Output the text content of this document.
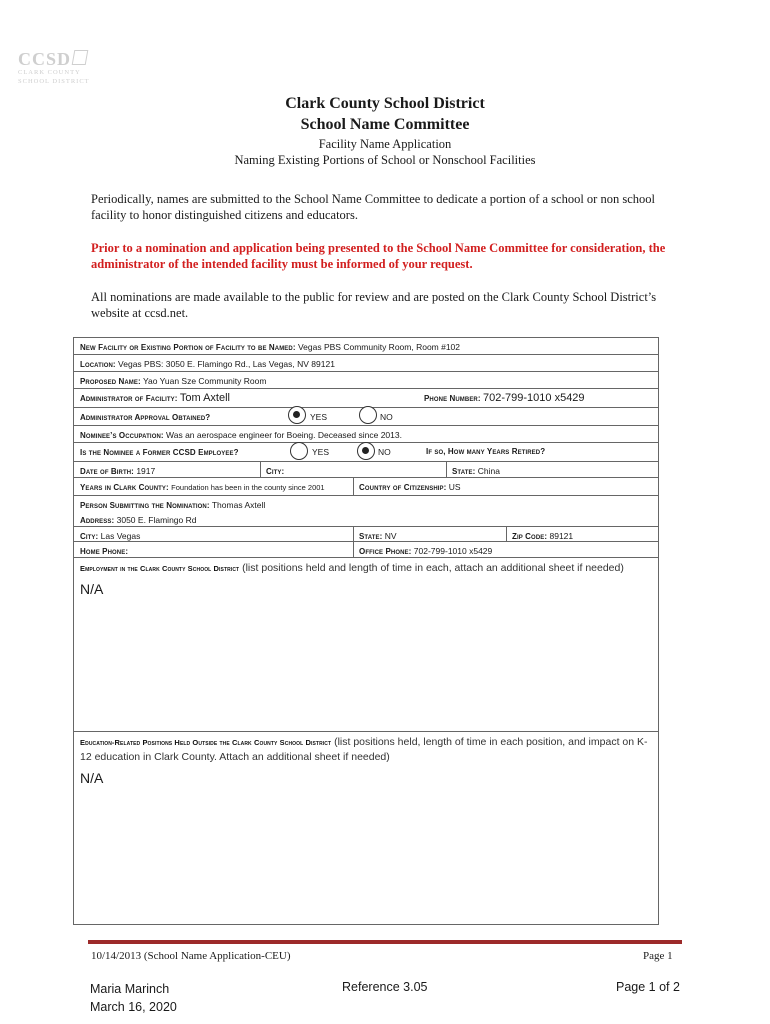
CCSD
CLARK COUNTY
SCHOOL DISTRICT
Clark County School District
School Name Committee
Facility Name Application
Naming Existing Portions of School or Nonschool Facilities
Periodically, names are submitted to the School Name Committee to dedicate a portion of a school or non school facility to honor distinguished citizens and educators.
Prior to a nomination and application being presented to the School Name Committee for consideration, the administrator of the intended facility must be informed of your request.
All nominations are made available to the public for review and are posted on the Clark County School District’s website at ccsd.net.
New Facility or Existing Portion of Facility to be Named: Vegas PBS Community Room, Room #102
Location: Vegas PBS: 3050 E. Flamingo Rd., Las Vegas, NV 89121
Proposed Name: Yao Yuan Sze Community Room
Administrator of Facility: Tom Axtell	Phone Number: 702-799-1010 x5429
Administrator Approval Obtained?	YES	NO
Nominee’s Occupation: Was an aerospace engineer for Boeing. Deceased since 2013.
Is the Nominee a Former CCSD Employee?	YES	NO	If so, How many Years Retired?
Date of Birth: 1917	City:	State: China
Years in Clark County: Foundation has been in the county since 2001	Country of Citizenship: US
Person Submitting the Nomination: Thomas Axtell
Address: 3050 E. Flamingo Rd
City: Las Vegas	State: NV	Zip Code: 89121
Home Phone:	Office Phone: 702-799-1010 x5429
Employment in the Clark County School District (list positions held and length of time in each, attach an additional sheet if needed)
N/A
Education-Related Positions Held Outside the Clark County School District (list positions held, length of time in each position, and impact on K-12 education in Clark County. Attach an additional sheet if needed)
N/A
10/14/2013 (School Name Application-CEU)	Page 1
Maria Marinch
March 16, 2020
Reference 3.05	Page 1 of 2
